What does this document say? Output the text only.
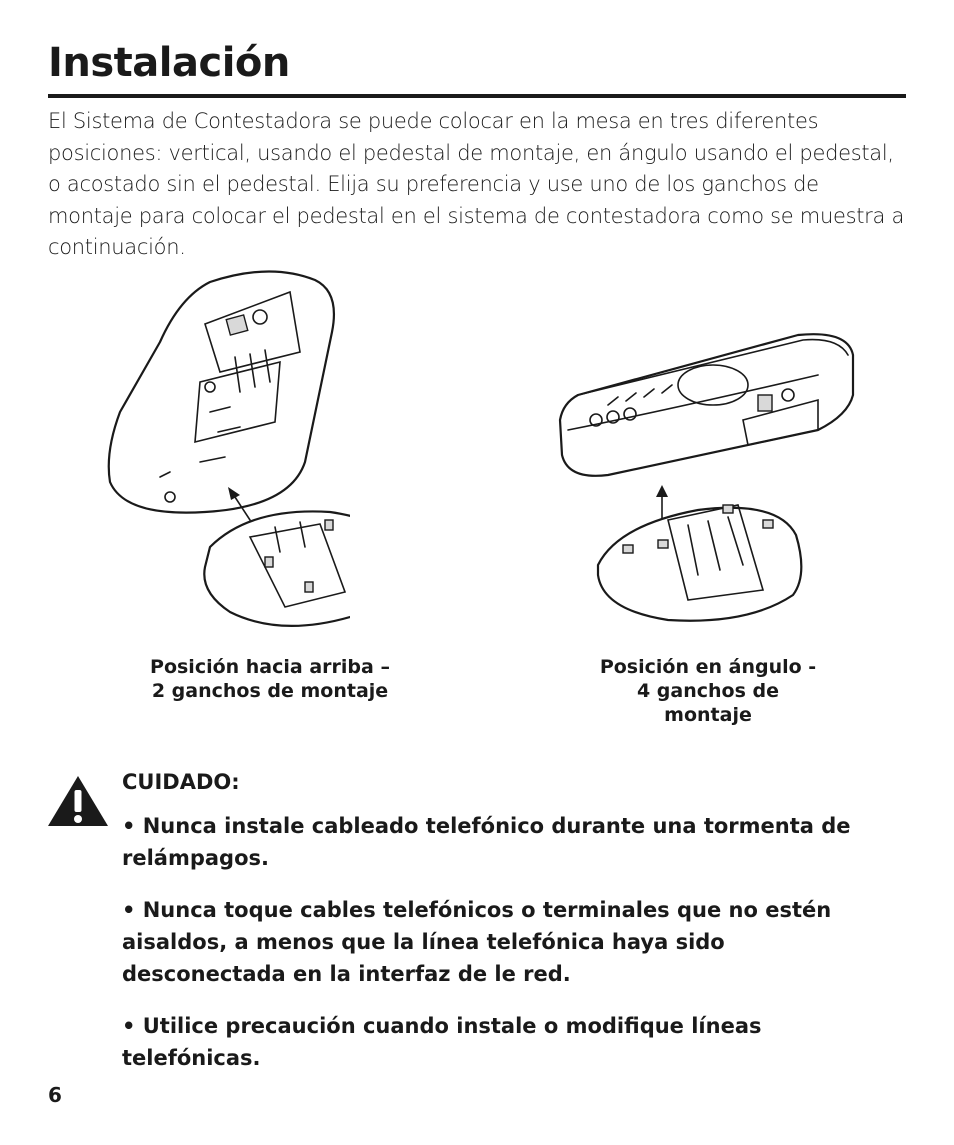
Instalación

El Sistema de Contestadora se puede colocar en la mesa en tres diferentes posiciones: vertical, usando el pedestal de montaje, en ángulo usando el pedestal, o acostado sin el pedestal. Elija su preferencia y use uno de los ganchos de montaje para colocar el pedestal en el sistema de contestadora como se muestra a continuación.

Posición hacia arriba –
2 ganchos de montaje
Posición en ángulo -
4 ganchos de
montaje
CUIDADO:
• Nunca instale cableado telefónico durante una tormenta de relámpagos.
• Nunca toque cables telefónicos o terminales que no estén aisaldos, a menos que la línea telefónica haya sido desconectada en la interfaz de le red.
• Utilice precaución cuando instale o modifique líneas telefónicas.
6
